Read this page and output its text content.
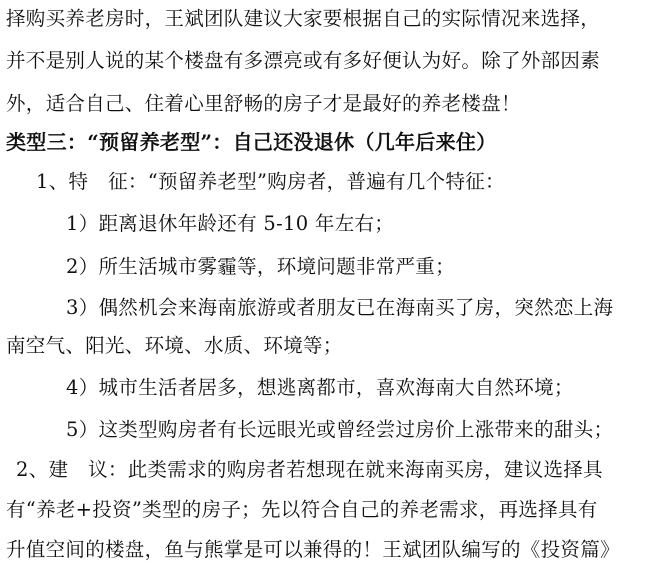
择购买养老房时，王斌团队建议大家要根据自己的实际情况来选择，
并不是别人说的某个楼盘有多漂亮或有多好便认为好。除了外部因素
外，适合自己、住着心里舒畅的房子才是最好的养老楼盘！
类型三：“预留养老型”：自己还没退休（几年后来住）
1、特　征：“预留养老型”购房者，普遍有几个特征：
1）距离退休年龄还有 5-10 年左右；
2）所生活城市雾霾等，环境问题非常严重；
3）偶然机会来海南旅游或者朋友已在海南买了房，突然恋上海
南空气、阳光、环境、水质、环境等；
4）城市生活者居多，想逃离都市，喜欢海南大自然环境；
5）这类型购房者有长远眼光或曾经尝过房价上涨带来的甜头；
2、建　议：此类需求的购房者若想现在就来海南买房，建议选择具
有“养老+投资”类型的房子；先以符合自己的养老需求，再选择具有
升值空间的楼盘，鱼与熊掌是可以兼得的！王斌团队编写的《投资篇》
